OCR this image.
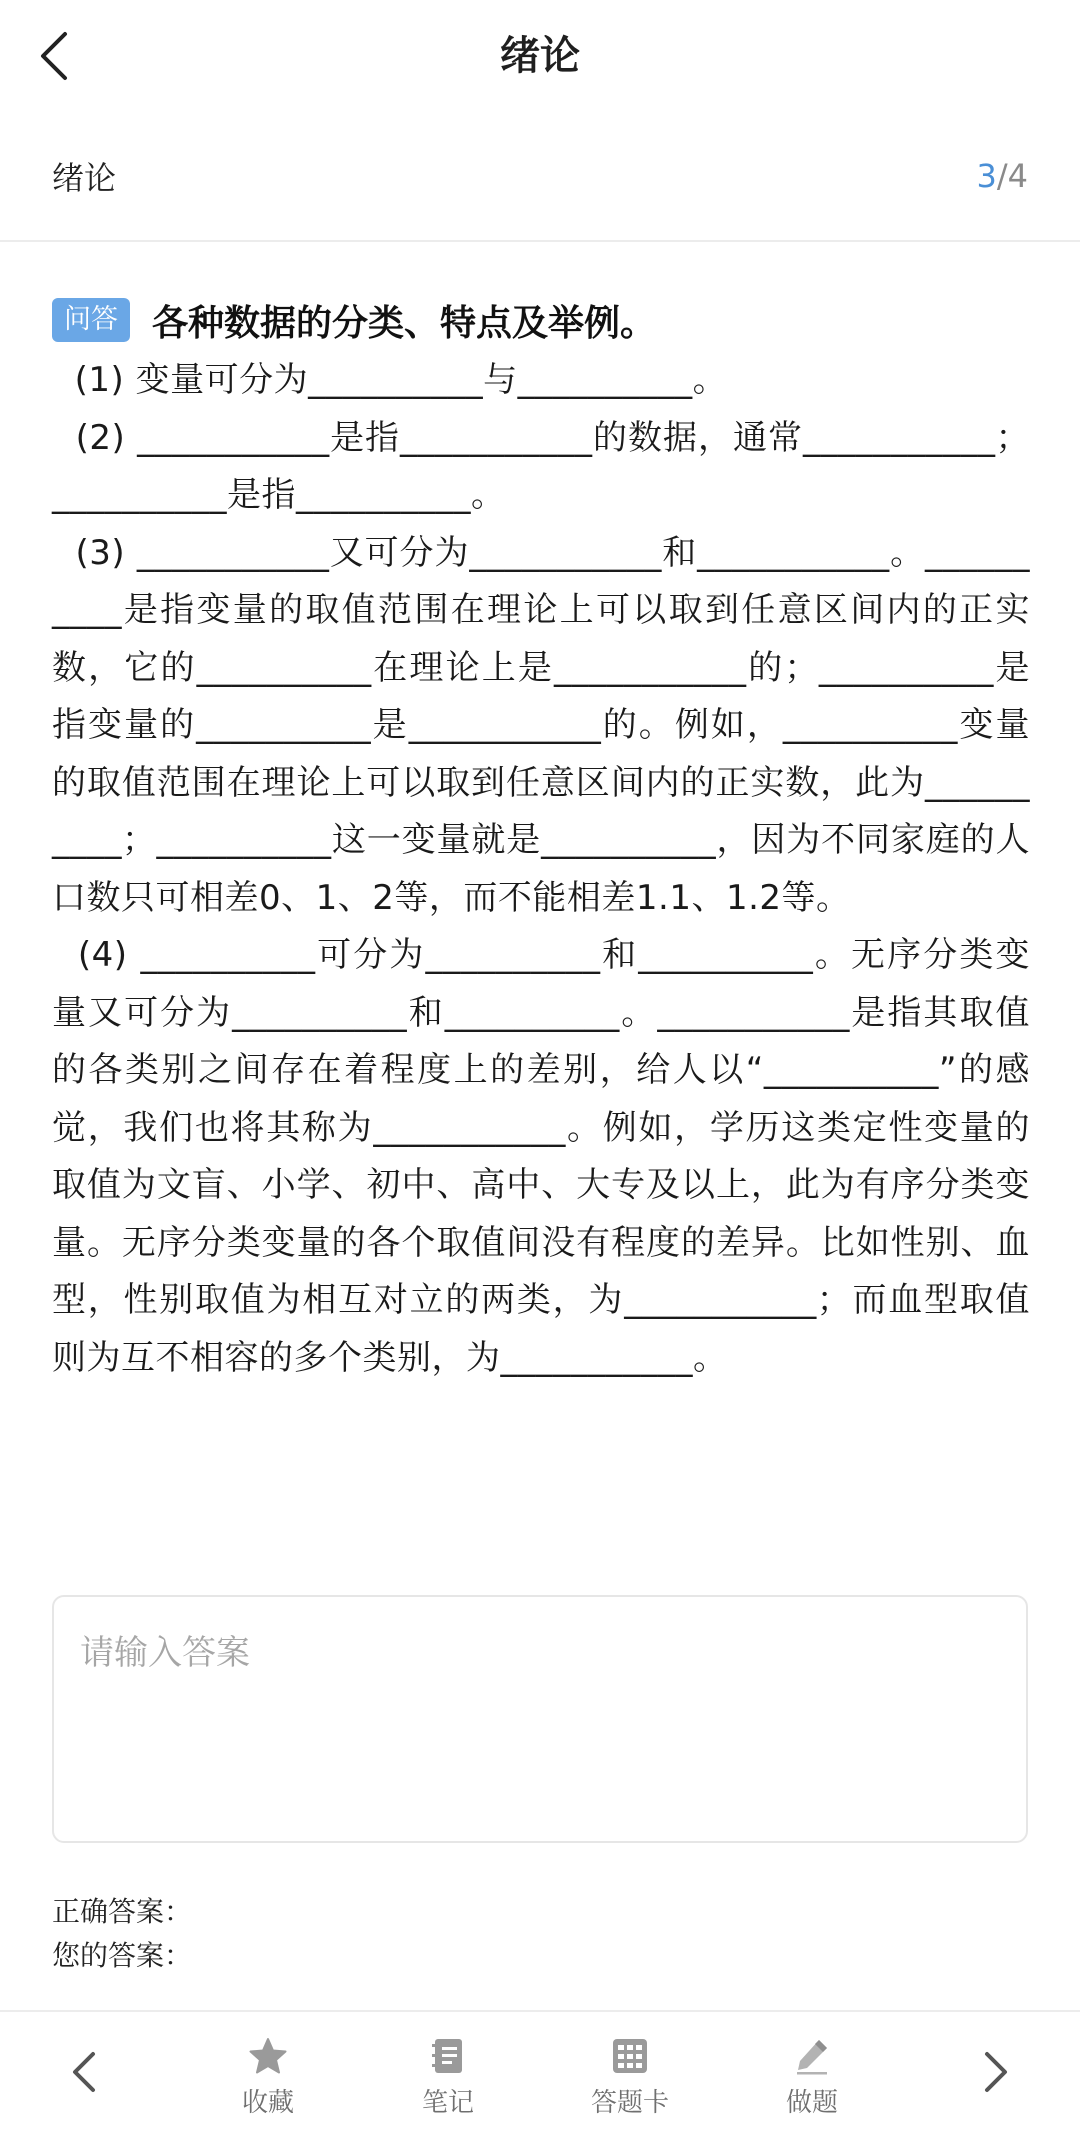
绪论
绪论	3/4
问答 各种数据的分类、特点及举例。

(1) 变量可分为__________与__________。

(2) ___________是指___________的数据，通常___________；__________是指__________。

(3) ___________又可分为___________和___________。__________是指变量的取值范围在理论上可以取到任意区间内的正实数，它的__________在理论上是___________的；__________是指变量的__________是___________的。例如，__________变量的取值范围在理论上可以取到任意区间内的正实数，此为__________；__________这一变量就是__________，因为不同家庭的人口数只可相差0、1、2等，而不能相差1.1、1.2等。

(4) __________可分为__________和__________。无序分类变量又可分为__________和__________。___________是指其取值的各类别之间存在着程度上的差别，给人以“__________”的感觉，我们也将其称为___________。例如，学历这类定性变量的取值为文盲、小学、初中、高中、大专及以上，此为有序分类变量。无序分类变量的各个取值间没有程度的差异。比如性别、血型，性别取值为相互对立的两类，为___________；而血型取值则为互不相容的多个类别，为___________。

请输入答案
正确答案：
您的答案：
收藏	笔记	答题卡	做题
